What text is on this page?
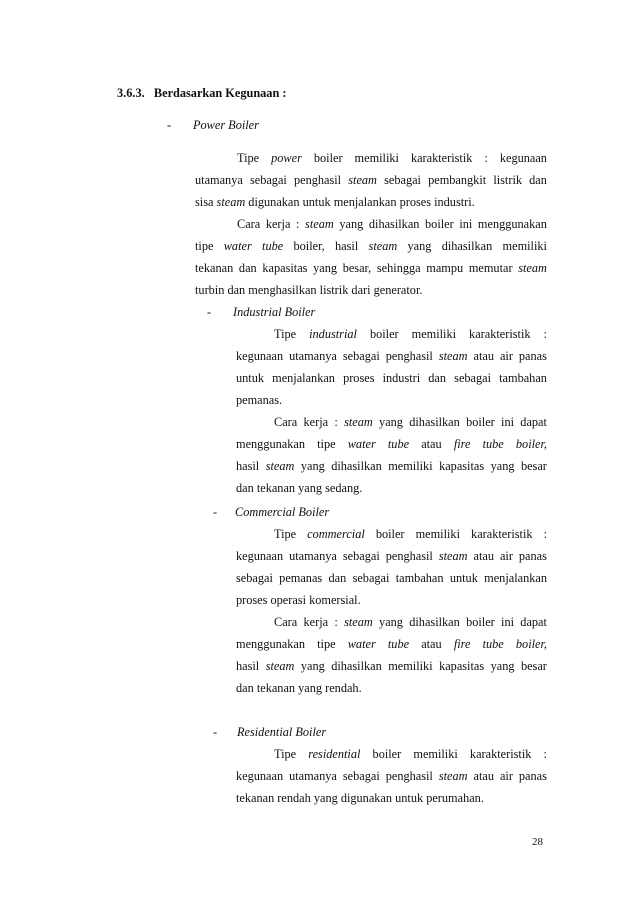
3.6.3. Berdasarkan Kegunaan :

- Power Boiler

Tipe power boiler memiliki karakteristik : kegunaan

utamanya sebagai penghasil steam sebagai pembangkit listrik dan

sisa steam digunakan untuk menjalankan proses industri.

Cara kerja : steam yang dihasilkan boiler ini menggunakan

tipe water tube boiler, hasil steam yang dihasilkan memiliki

tekanan dan kapasitas yang besar, sehingga mampu memutar steam

turbin dan menghasilkan listrik dari generator.

- Industrial Boiler

Tipe industrial boiler memiliki karakteristik :

kegunaan utamanya sebagai penghasil steam atau air panas

untuk menjalankan proses industri dan sebagai tambahan

pemanas.

Cara kerja : steam yang dihasilkan boiler ini dapat

menggunakan tipe water tube atau fire tube boiler,

hasil steam yang dihasilkan memiliki kapasitas yang besar

dan tekanan yang sedang.

- Commercial Boiler

Tipe commercial boiler memiliki karakteristik :

kegunaan utamanya sebagai penghasil steam atau air panas

sebagai pemanas dan sebagai tambahan untuk menjalankan

proses operasi komersial.

Cara kerja : steam yang dihasilkan boiler ini dapat

menggunakan tipe water tube atau fire tube boiler,

hasil steam yang dihasilkan memiliki kapasitas yang besar

dan tekanan yang rendah.

- Residential Boiler

Tipe residential boiler memiliki karakteristik :

kegunaan utamanya sebagai penghasil steam atau air panas

tekanan rendah yang digunakan untuk perumahan.

28
